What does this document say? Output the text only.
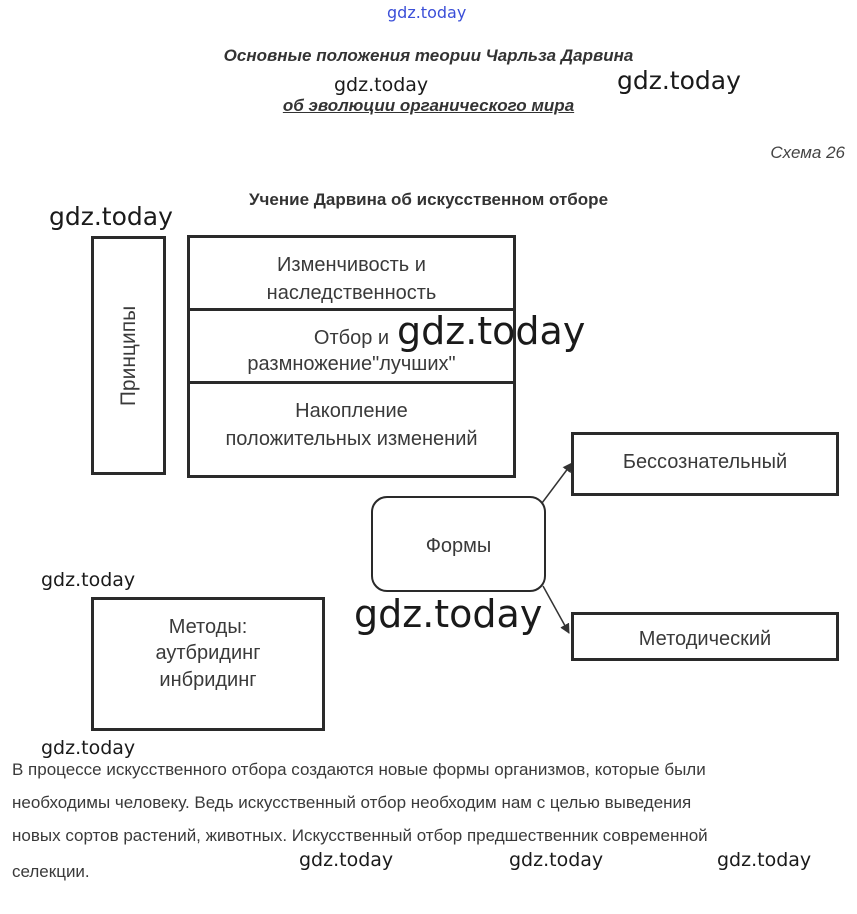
gdz.today
Основные положения теории Чарльза Дарвина
gdz.today	gdz.today
об эволюции органического мира
Схема 26
Учение Дарвина об искусственном отборе
gdz.today
Принципы
Изменчивость и
наследственность
Отбор и
размножение"лучших"
Накопление
положительных изменений
gdz.today
Формы
Бессознательный
Методический
gdz.today
gdz.today
Методы:
аутбридинг
инбридинг
gdz.today
В процессе искусственного отбора создаются новые формы организмов, которые были
необходимы человеку. Ведь искусственный отбор необходим нам с целью выведения
новых сортов растений, животных. Искусственный отбор предшественник современной
gdz.today	gdz.today	gdz.today
селекции.
